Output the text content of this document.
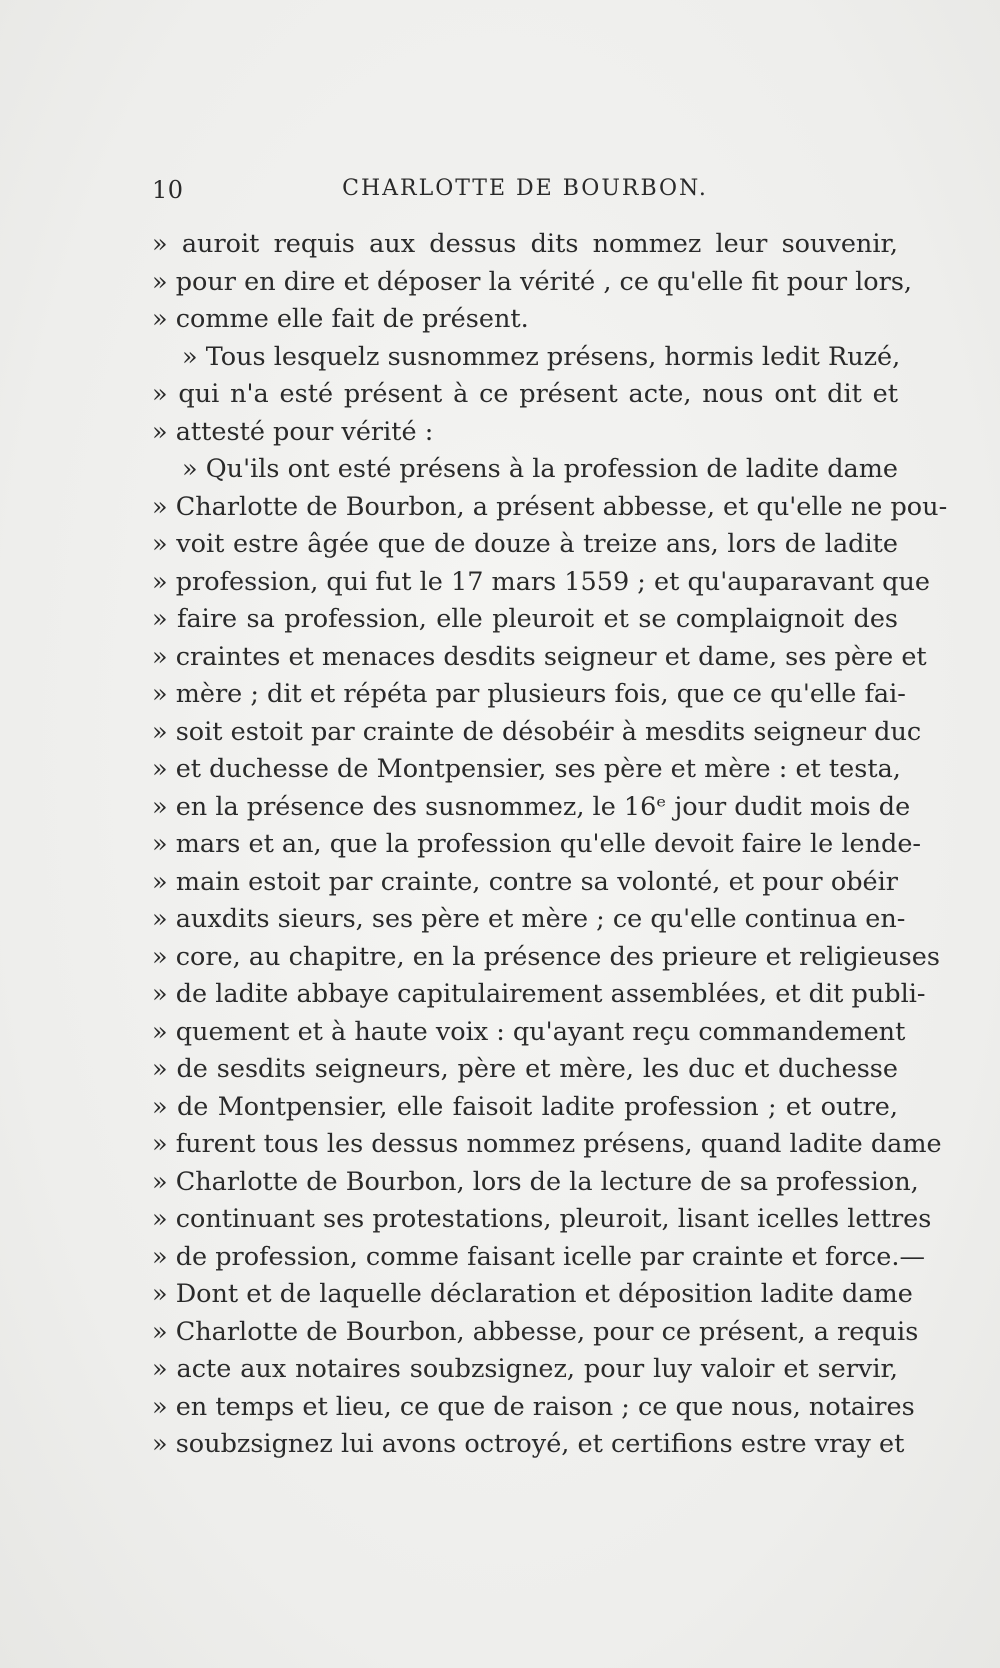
10	CHARLOTTE DE BOURBON.
» auroit requis aux dessus dits nommez leur souvenir,
» pour en dire et déposer la vérité , ce qu'elle fit pour lors,
» comme elle fait de présent.
» Tous lesquelz susnommez présens, hormis ledit Ruzé,
» qui n'a esté présent à ce présent acte, nous ont dit et
» attesté pour vérité :
» Qu'ils ont esté présens à la profession de ladite dame
» Charlotte de Bourbon, a présent abbesse, et qu'elle ne pou-
» voit estre âgée que de douze à treize ans, lors de ladite
» profession, qui fut le 17 mars 1559 ; et qu'auparavant que
» faire sa profession, elle pleuroit et se complaignoit des
» craintes et menaces desdits seigneur et dame, ses père et
» mère ; dit et répéta par plusieurs fois, que ce qu'elle fai-
» soit estoit par crainte de désobéir à mesdits seigneur duc
» et duchesse de Montpensier, ses père et mère : et testa,
» en la présence des susnommez, le 16ᵉ jour dudit mois de
» mars et an, que la profession qu'elle devoit faire le lende-
» main estoit par crainte, contre sa volonté, et pour obéir
» auxdits sieurs, ses père et mère ; ce qu'elle continua en-
» core, au chapitre, en la présence des prieure et religieuses
» de ladite abbaye capitulairement assemblées, et dit publi-
» quement et à haute voix : qu'ayant reçu commandement
» de sesdits seigneurs, père et mère, les duc et duchesse
» de Montpensier, elle faisoit ladite profession ; et outre,
» furent tous les dessus nommez présens, quand ladite dame
» Charlotte de Bourbon, lors de la lecture de sa profession,
» continuant ses protestations, pleuroit, lisant icelles lettres
» de profession, comme faisant icelle par crainte et force.—
» Dont et de laquelle déclaration et déposition ladite dame
» Charlotte de Bourbon, abbesse, pour ce présent, a requis
» acte aux notaires soubzsignez, pour luy valoir et servir,
» en temps et lieu, ce que de raison ; ce que nous, notaires
» soubzsignez lui avons octroyé, et certifions estre vray et
